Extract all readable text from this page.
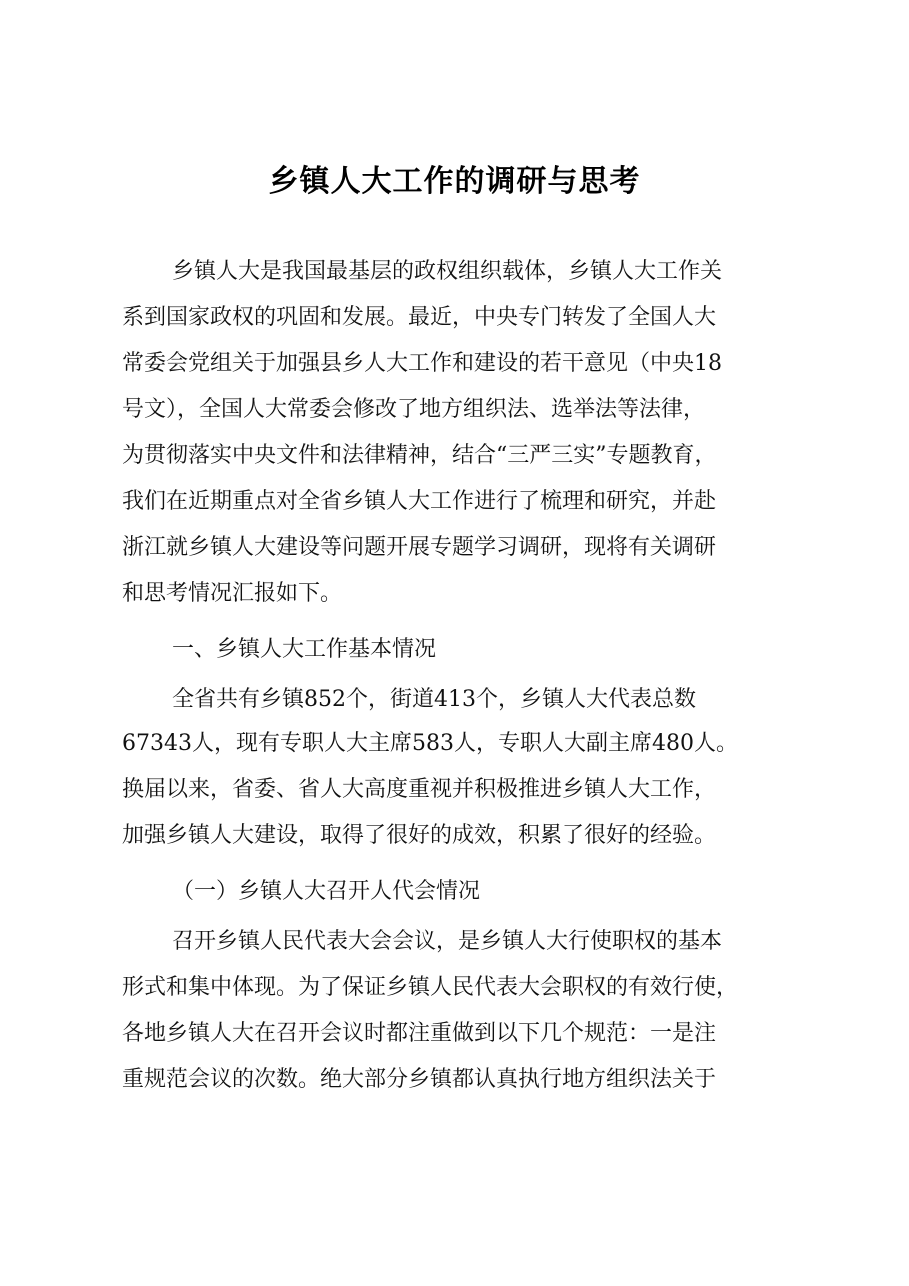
乡镇人大工作的调研与思考
乡镇人大是我国最基层的政权组织载体，乡镇人大工作关
系到国家政权的巩固和发展。最近，中央专门转发了全国人大
常委会党组关于加强县乡人大工作和建设的若干意见（中央18
号文），全国人大常委会修改了地方组织法、选举法等法律，
为贯彻落实中央文件和法律精神，结合“三严三实”专题教育，
我们在近期重点对全省乡镇人大工作进行了梳理和研究，并赴
浙江就乡镇人大建设等问题开展专题学习调研，现将有关调研
和思考情况汇报如下。
一、乡镇人大工作基本情况
全省共有乡镇852个，街道413个，乡镇人大代表总数
67343人，现有专职人大主席583人，专职人大副主席480人。
换届以来，省委、省人大高度重视并积极推进乡镇人大工作，
加强乡镇人大建设，取得了很好的成效，积累了很好的经验。
（一）乡镇人大召开人代会情况
召开乡镇人民代表大会会议，是乡镇人大行使职权的基本
形式和集中体现。为了保证乡镇人民代表大会职权的有效行使，
各地乡镇人大在召开会议时都注重做到以下几个规范：一是注
重规范会议的次数。绝大部分乡镇都认真执行地方组织法关于
